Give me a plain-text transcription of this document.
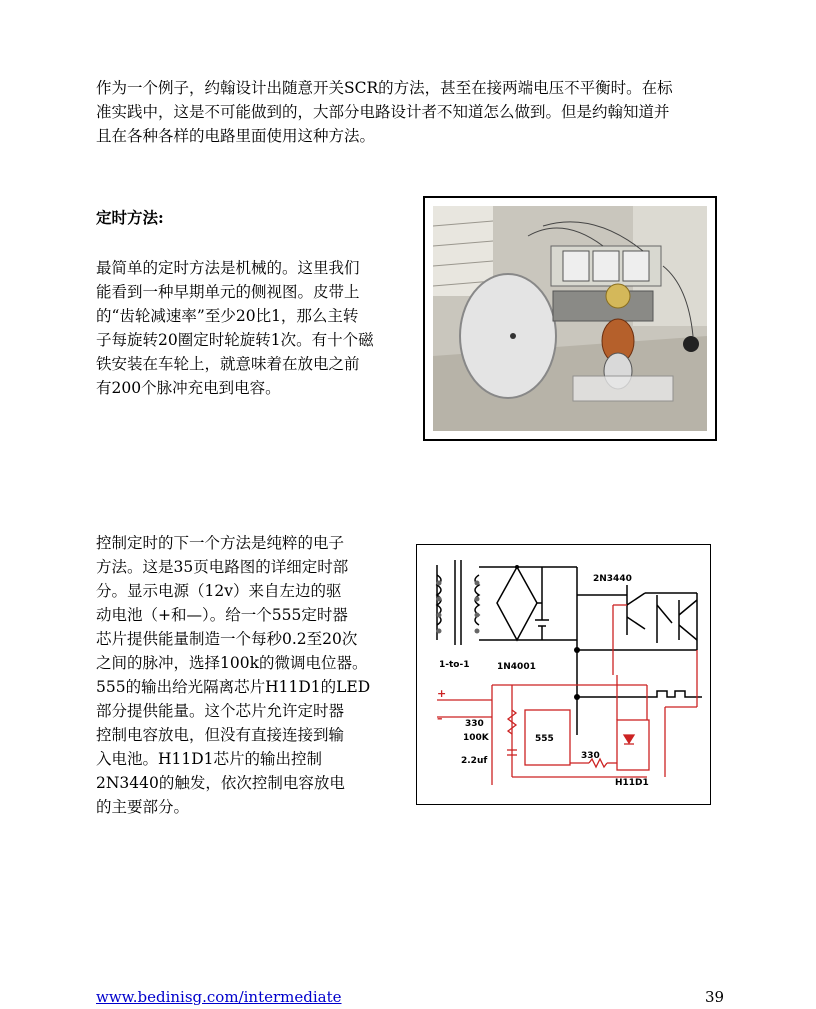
作为一个例子，约翰设计出随意开关SCR的方法，甚至在接两端电压不平衡时。在标
准实践中，这是不可能做到的，大部分电路设计者不知道怎么做到。但是约翰知道并
且在各种各样的电路里面使用这种方法。

定时方法:

最简单的定时方法是机械的。这里我们
能看到一种早期单元的侧视图。皮带上
的“齿轮减速率”至少20比1，那么主转
子每旋转20圈定时轮旋转1次。有十个磁
铁安装在车轮上，就意味着在放电之前
有200个脉冲充电到电容。

控制定时的下一个方法是纯粹的电子
方法。这是35页电路图的详细定时部
分。显示电源（12v）来自左边的驱
动电池（+和—）。给一个555定时器
芯片提供能量制造一个每秒0.2至20次
之间的脉冲，选择100k的微调电位器。
555的输出给光隔离芯片H11D1的LED
部分提供能量。这个芯片允许定时器
控制电容放电，但没有直接连接到输
入电池。H11D1芯片的输出控制
2N3440的触发，依次控制电容放电
的主要部分。

2N3440
1-to-1	1N4001
330
100K
2.2uf
555
330
H11D1
+
–
www.bedinisg.com/intermediate	39
